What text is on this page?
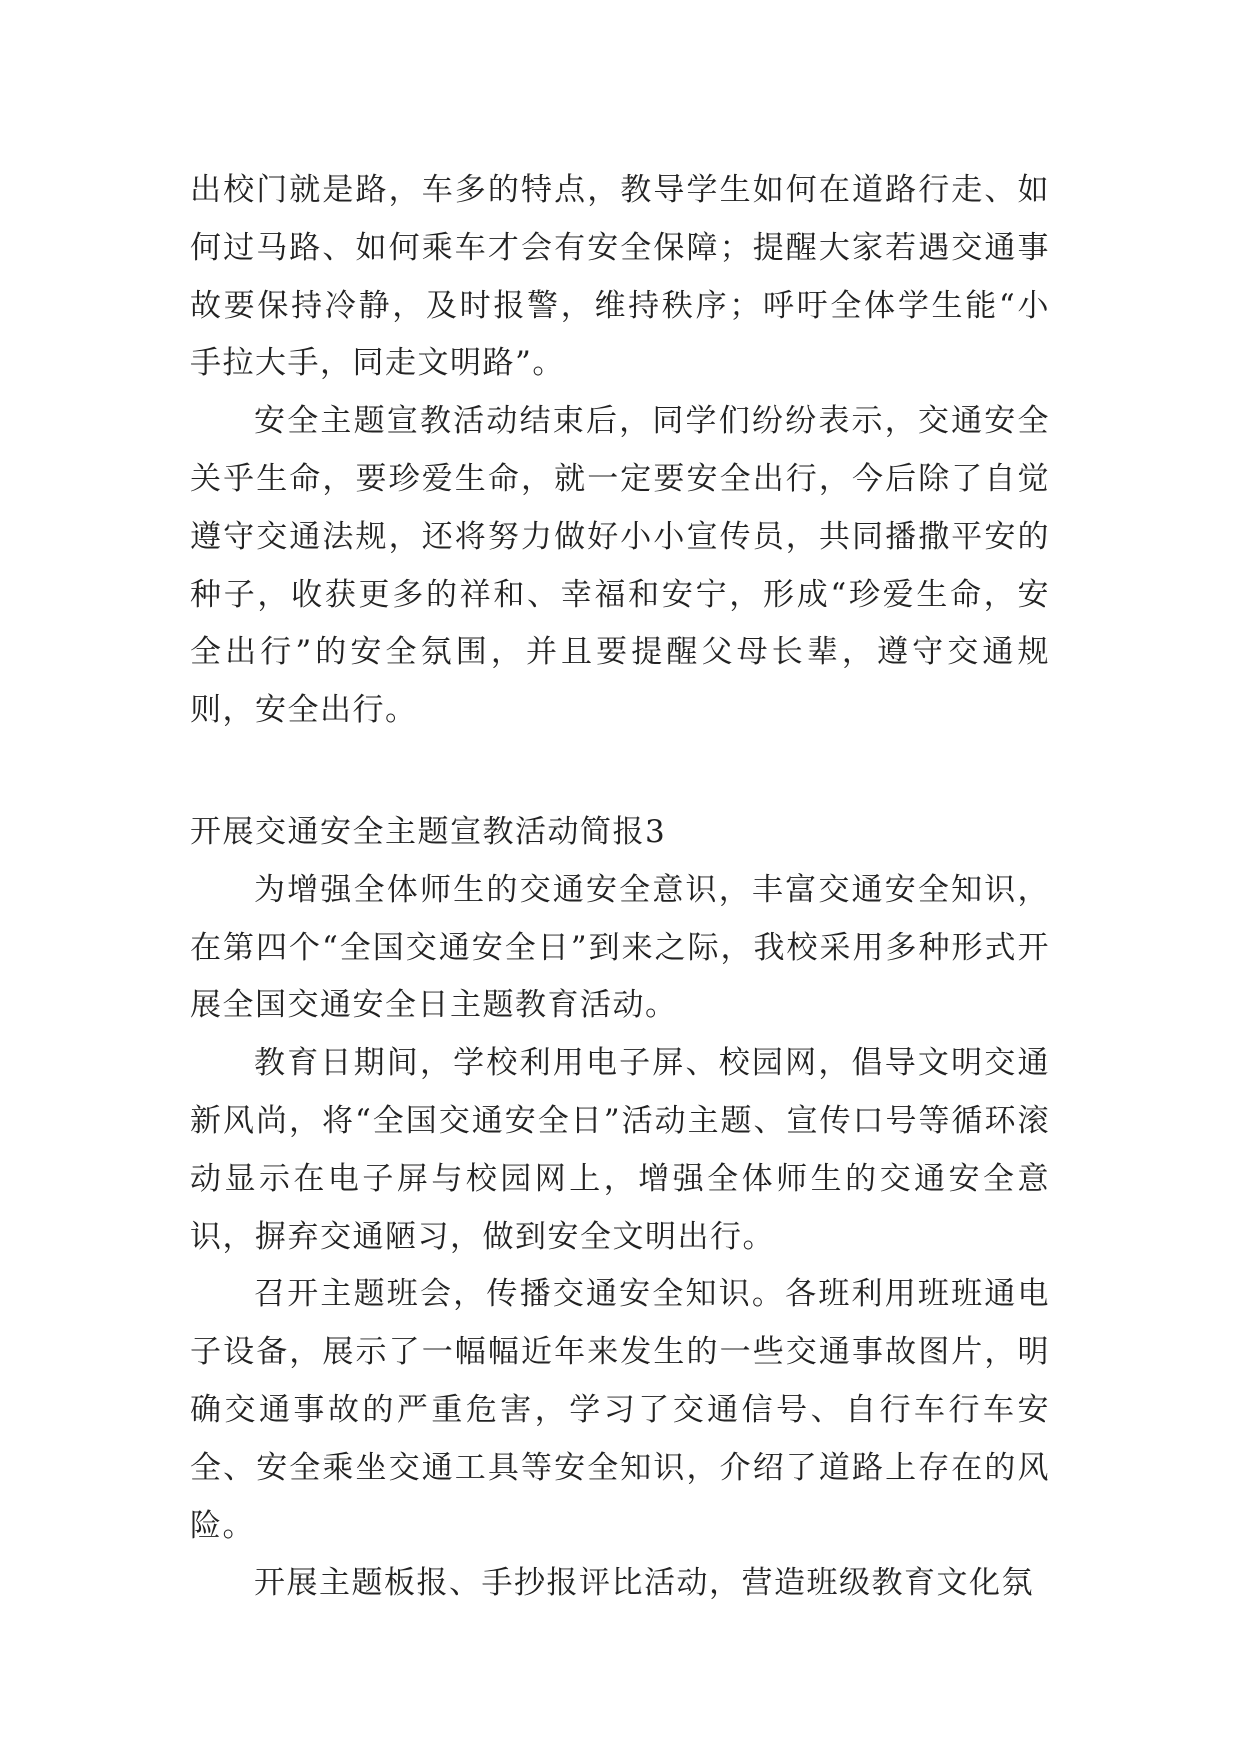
出校门就是路，车多的特点，教导学生如何在道路行走、如何过马路、如何乘车才会有安全保障；提醒大家若遇交通事故要保持冷静，及时报警，维持秩序；呼吁全体学生能“小手拉大手，同走文明路”。

安全主题宣教活动结束后，同学们纷纷表示，交通安全关乎生命，要珍爱生命，就一定要安全出行，今后除了自觉遵守交通法规，还将努力做好小小宣传员，共同播撒平安的种子，收获更多的祥和、幸福和安宁，形成“珍爱生命，安全出行”的安全氛围，并且要提醒父母长辈，遵守交通规则，安全出行。

开展交通安全主题宣教活动简报3

为增强全体师生的交通安全意识，丰富交通安全知识，在第四个“全国交通安全日”到来之际，我校采用多种形式开展全国交通安全日主题教育活动。

教育日期间，学校利用电子屏、校园网，倡导文明交通新风尚，将“全国交通安全日”活动主题、宣传口号等循环滚动显示在电子屏与校园网上，增强全体师生的交通安全意识，摒弃交通陋习，做到安全文明出行。

召开主题班会，传播交通安全知识。各班利用班班通电子设备，展示了一幅幅近年来发生的一些交通事故图片，明确交通事故的严重危害，学习了交通信号、自行车行车安全、安全乘坐交通工具等安全知识，介绍了道路上存在的风险。

开展主题板报、手抄报评比活动，营造班级教育文化氛
